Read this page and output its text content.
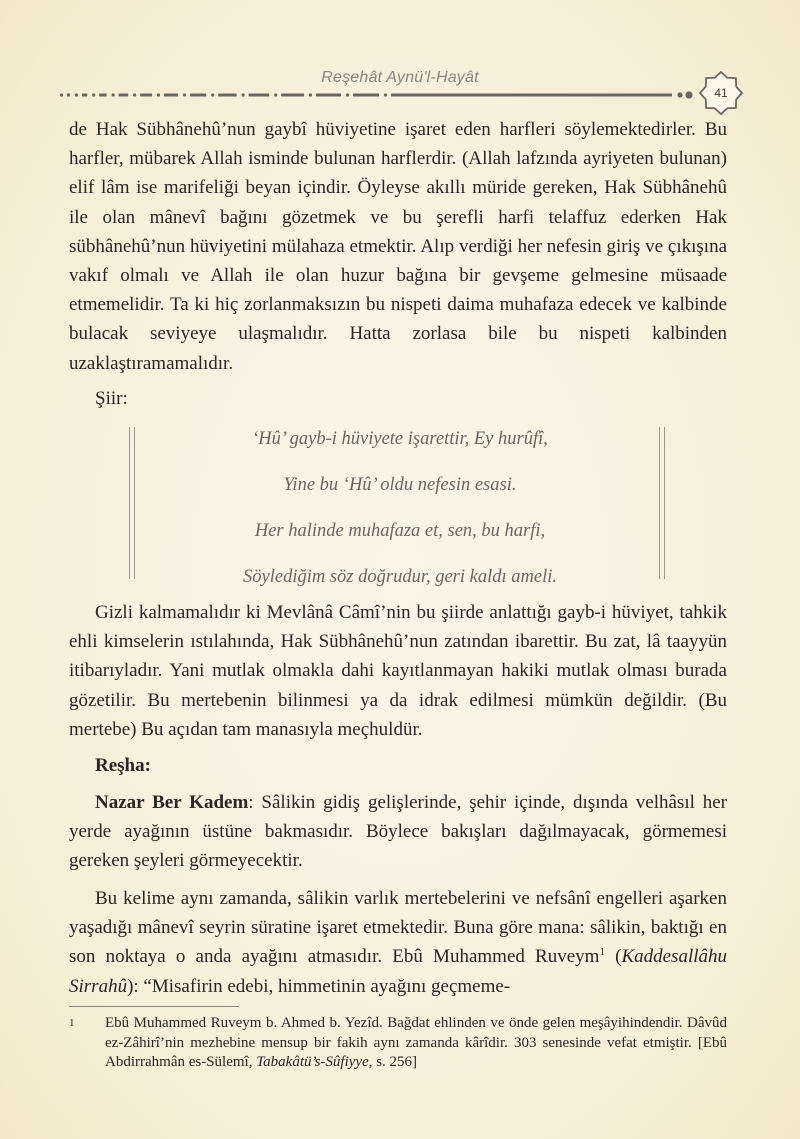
Reşehât Aynü'l-Hayât
41

de Hak Sübhânehû’nun gaybî hüviyetine işaret eden harfleri söylemektedirler. Bu harfler, mübarek Allah isminde bulunan harflerdir. (Allah lafzında ayriyeten bulunan) elif lâm ise marifeliği beyan içindir. Öyleyse akıllı müride gereken, Hak Sübhânehû ile olan mânevî bağını gözetmek ve bu şerefli harfi telaffuz ederken Hak sübhânehû’nun hüviyetini mülahaza etmektir. Alıp verdiği her nefesin giriş ve çıkışına vakıf olmalı ve Allah ile olan huzur bağına bir gevşeme gelmesine müsaade etmemelidir. Ta ki hiç zorlanmaksızın bu nispeti daima muhafaza edecek ve kalbinde bulacak seviyeye ulaşmalıdır. Hatta zorlasa bile bu nispeti kalbinden uzaklaştıramamalıdır.

Şiir:
‘Hû’ gayb-i hüviyete işarettir, Ey hurûfî,
Yine bu ‘Hû’ oldu nefesin esasi.
Her halinde muhafaza et, sen, bu harfi,
Söylediğim söz doğrudur, geri kaldı ameli.

Gizli kalmamalıdır ki Mevlânâ Câmî’nin bu şiirde anlattığı gayb-i hüviyet, tahkik ehli kimselerin ıstılahında, Hak Sübhânehû’nun zatından ibarettir. Bu zat, lâ taayyün itibarıyladır. Yani mutlak olmakla dahi kayıtlanmayan hakiki mutlak olması burada gözetilir. Bu mertebenin bilinmesi ya da idrak edilmesi mümkün değildir. (Bu mertebe) Bu açıdan tam manasıyla meçhuldür.

Reşha:

Nazar Ber Kadem: Sâlikin gidiş gelişlerinde, şehir içinde, dışında velhâsıl her yerde ayağının üstüne bakmasıdır. Böylece bakışları dağılmayacak, görmemesi gereken şeyleri görmeyecektir.

Bu kelime aynı zamanda, sâlikin varlık mertebelerini ve nefsânî engelleri aşarken yaşadığı mânevî seyrin süratine işaret etmektedir. Buna göre mana: sâlikin, baktığı en son noktaya o anda ayağını atmasıdır. Ebû Muhammed Ruveym$^1$ (Kaddesallâhu Sirrahû): “Misafirin edebi, himmetinin ayağını geçmeme-

1 Ebû Muhammed Ruveym b. Ahmed b. Yezîd. Bağdat ehlinden ve önde gelen meşâyihindendir. Dâvûd ez-Zâhirî’nin mezhebine mensup bir fakih aynı zamanda kârîdir. 303 senesinde vefat etmiştir. [Ebû Abdirrahmân es-Sülemî, Tabakâtü’s-Sûfiyye, s. 256]
